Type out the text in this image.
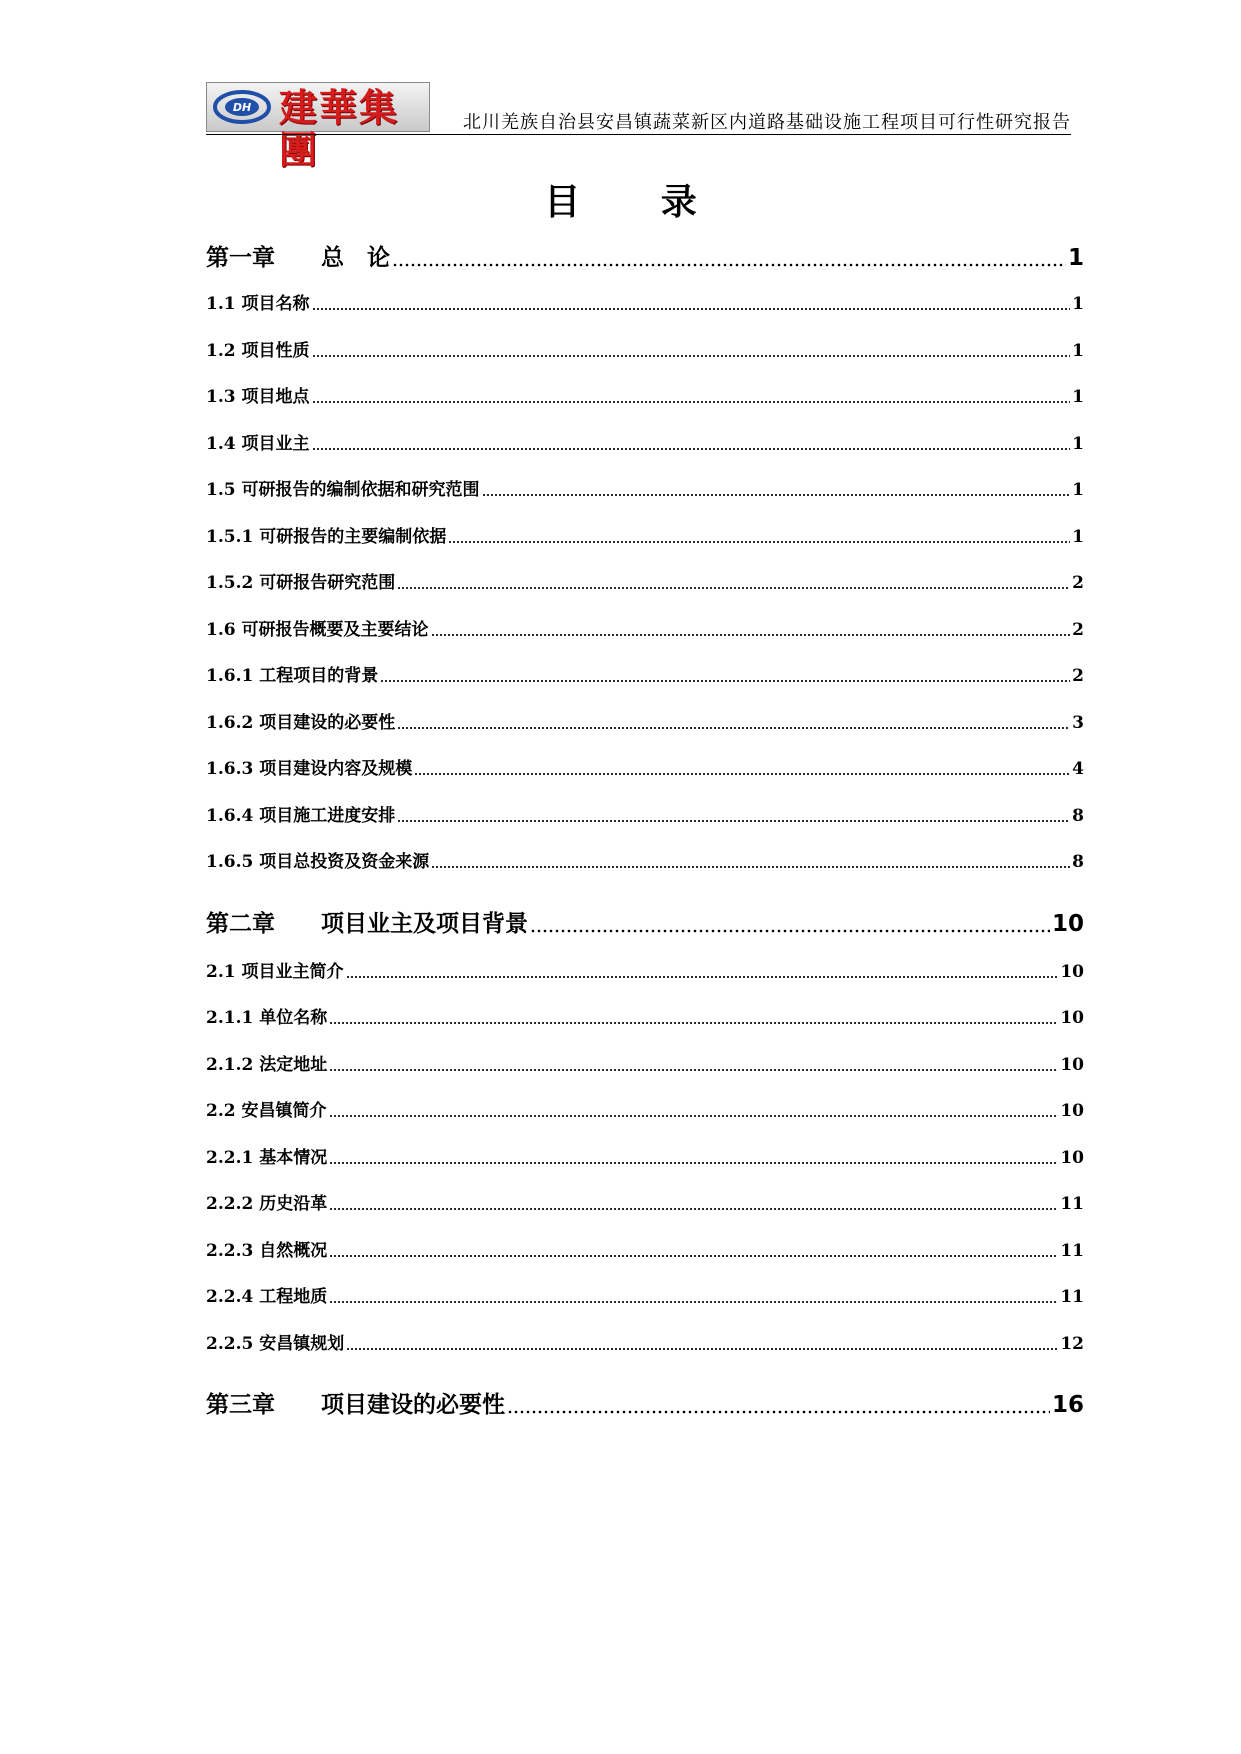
DH 建華集團
北川羌族自治县安昌镇蔬菜新区内道路基础设施工程项目可行性研究报告
目 录
第一章　　总　论	1
1.1 项目名称	1
1.2 项目性质	1
1.3 项目地点	1
1.4 项目业主	1
1.5 可研报告的编制依据和研究范围	1
1.5.1 可研报告的主要编制依据	1
1.5.2 可研报告研究范围	2
1.6 可研报告概要及主要结论	2
1.6.1 工程项目的背景	2
1.6.2 项目建设的必要性	3
1.6.3 项目建设内容及规模	4
1.6.4 项目施工进度安排	8
1.6.5 项目总投资及资金来源	8
第二章　　项目业主及项目背景	10
2.1 项目业主简介	10
2.1.1 单位名称	10
2.1.2 法定地址	10
2.2 安昌镇简介	10
2.2.1 基本情况	10
2.2.2 历史沿革	11
2.2.3 自然概况	11
2.2.4 工程地质	11
2.2.5 安昌镇规划	12
第三章　　项目建设的必要性	16
